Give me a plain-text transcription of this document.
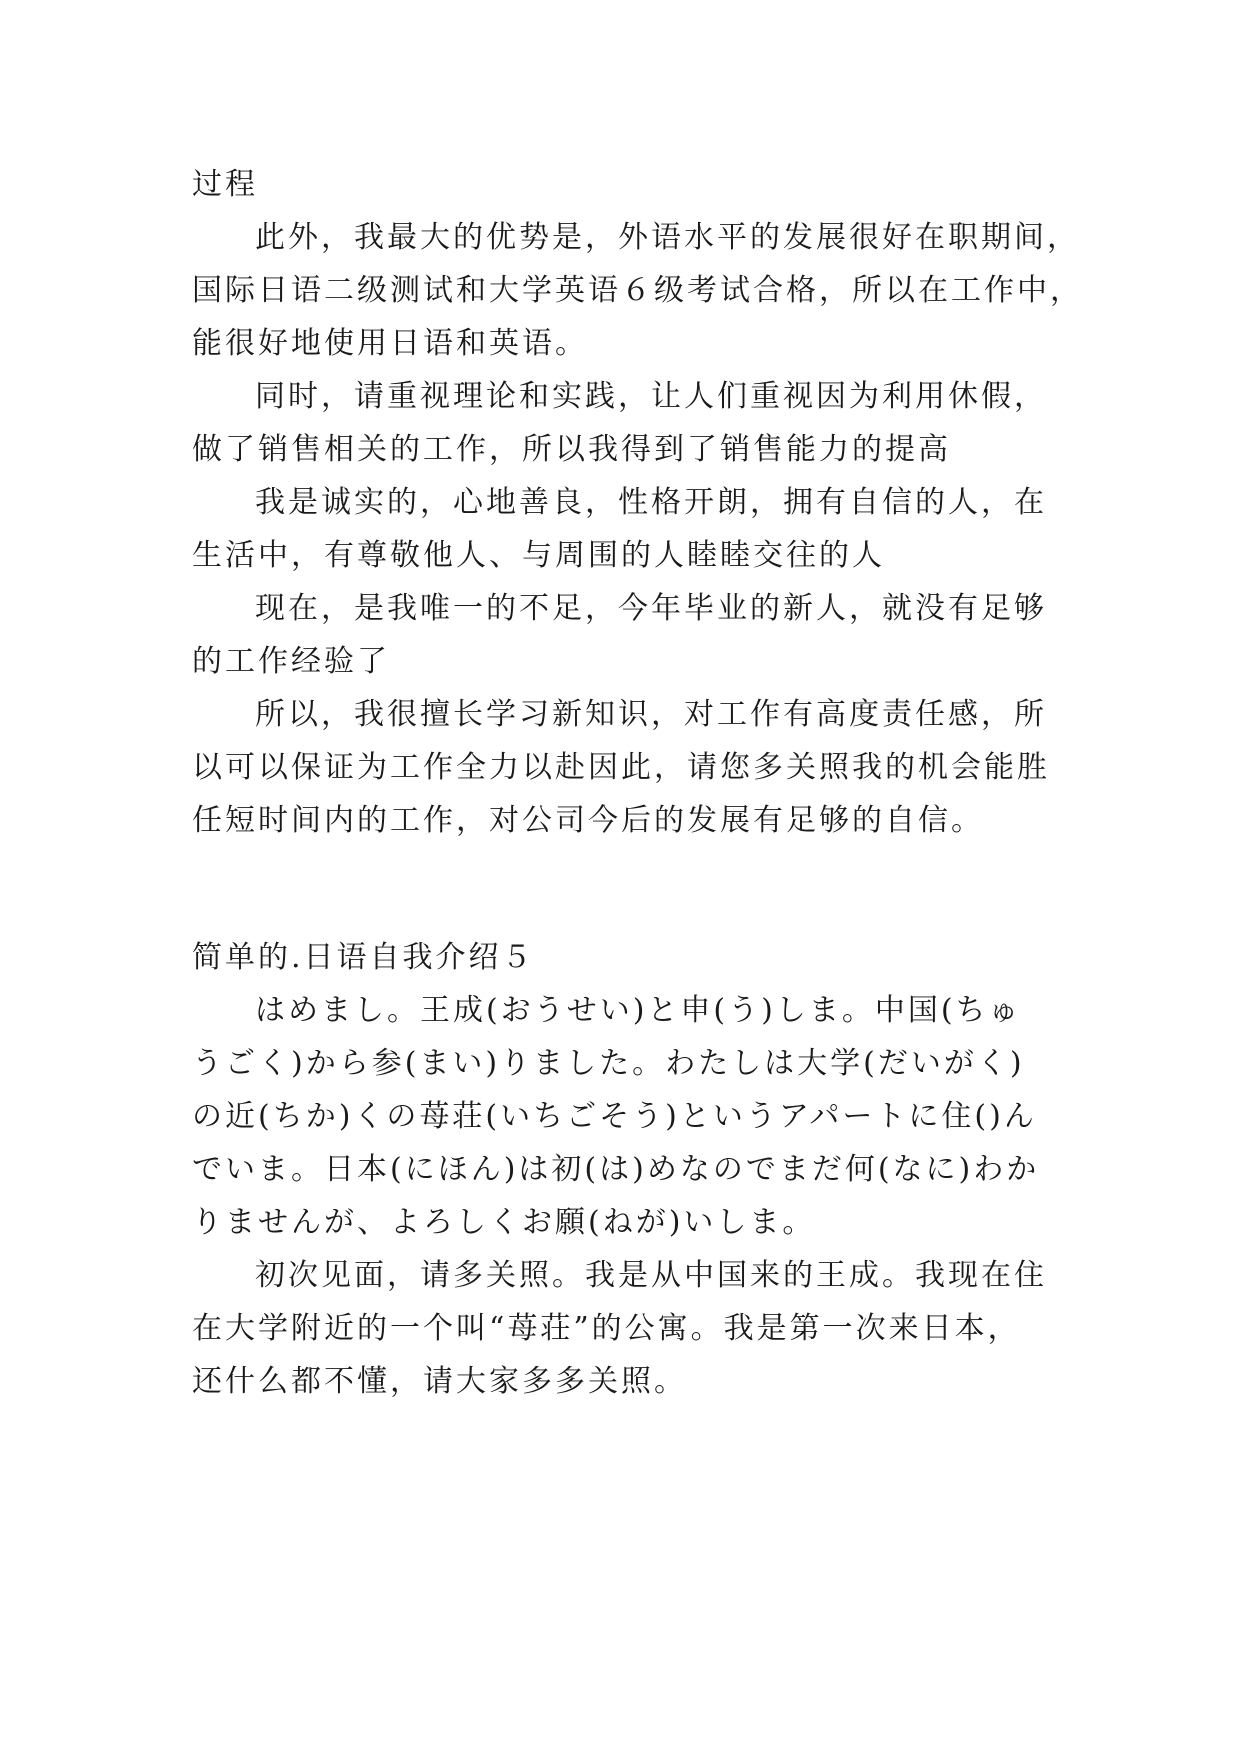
过程
此外，我最大的优势是，外语水平的发展很好在职期间，
国际日语二级测试和大学英语６级考试合格，所以在工作中，
能很好地使用日语和英语。
同时，请重视理论和实践，让人们重视因为利用休假，
做了销售相关的工作，所以我得到了销售能力的提高
我是诚实的，心地善良，性格开朗，拥有自信的人，在
生活中，有尊敬他人、与周围的人睦睦交往的人
现在，是我唯一的不足，今年毕业的新人，就没有足够
的工作经验了
所以，我很擅长学习新知识，对工作有高度责任感，所
以可以保证为工作全力以赴因此，请您多关照我的机会能胜
任短时间内的工作，对公司今后的发展有足够的自信。
简单的.日语自我介绍５
はめまし。王成(おうせい)と申(う)しま。中国(ちゅ
うごく)から参(まい)りました。わたしは大学(だいがく)
の近(ちか)くの苺荘(いちごそう)というアパートに住()ん
でいま。日本(にほん)は初(は)めなのでまだ何(なに)わか
りませんが、よろしくお願(ねが)いしま。
初次见面，请多关照。我是从中国来的王成。我现在住
在大学附近的一个叫“苺荘”的公寓。我是第一次来日本，
还什么都不懂，请大家多多关照。
